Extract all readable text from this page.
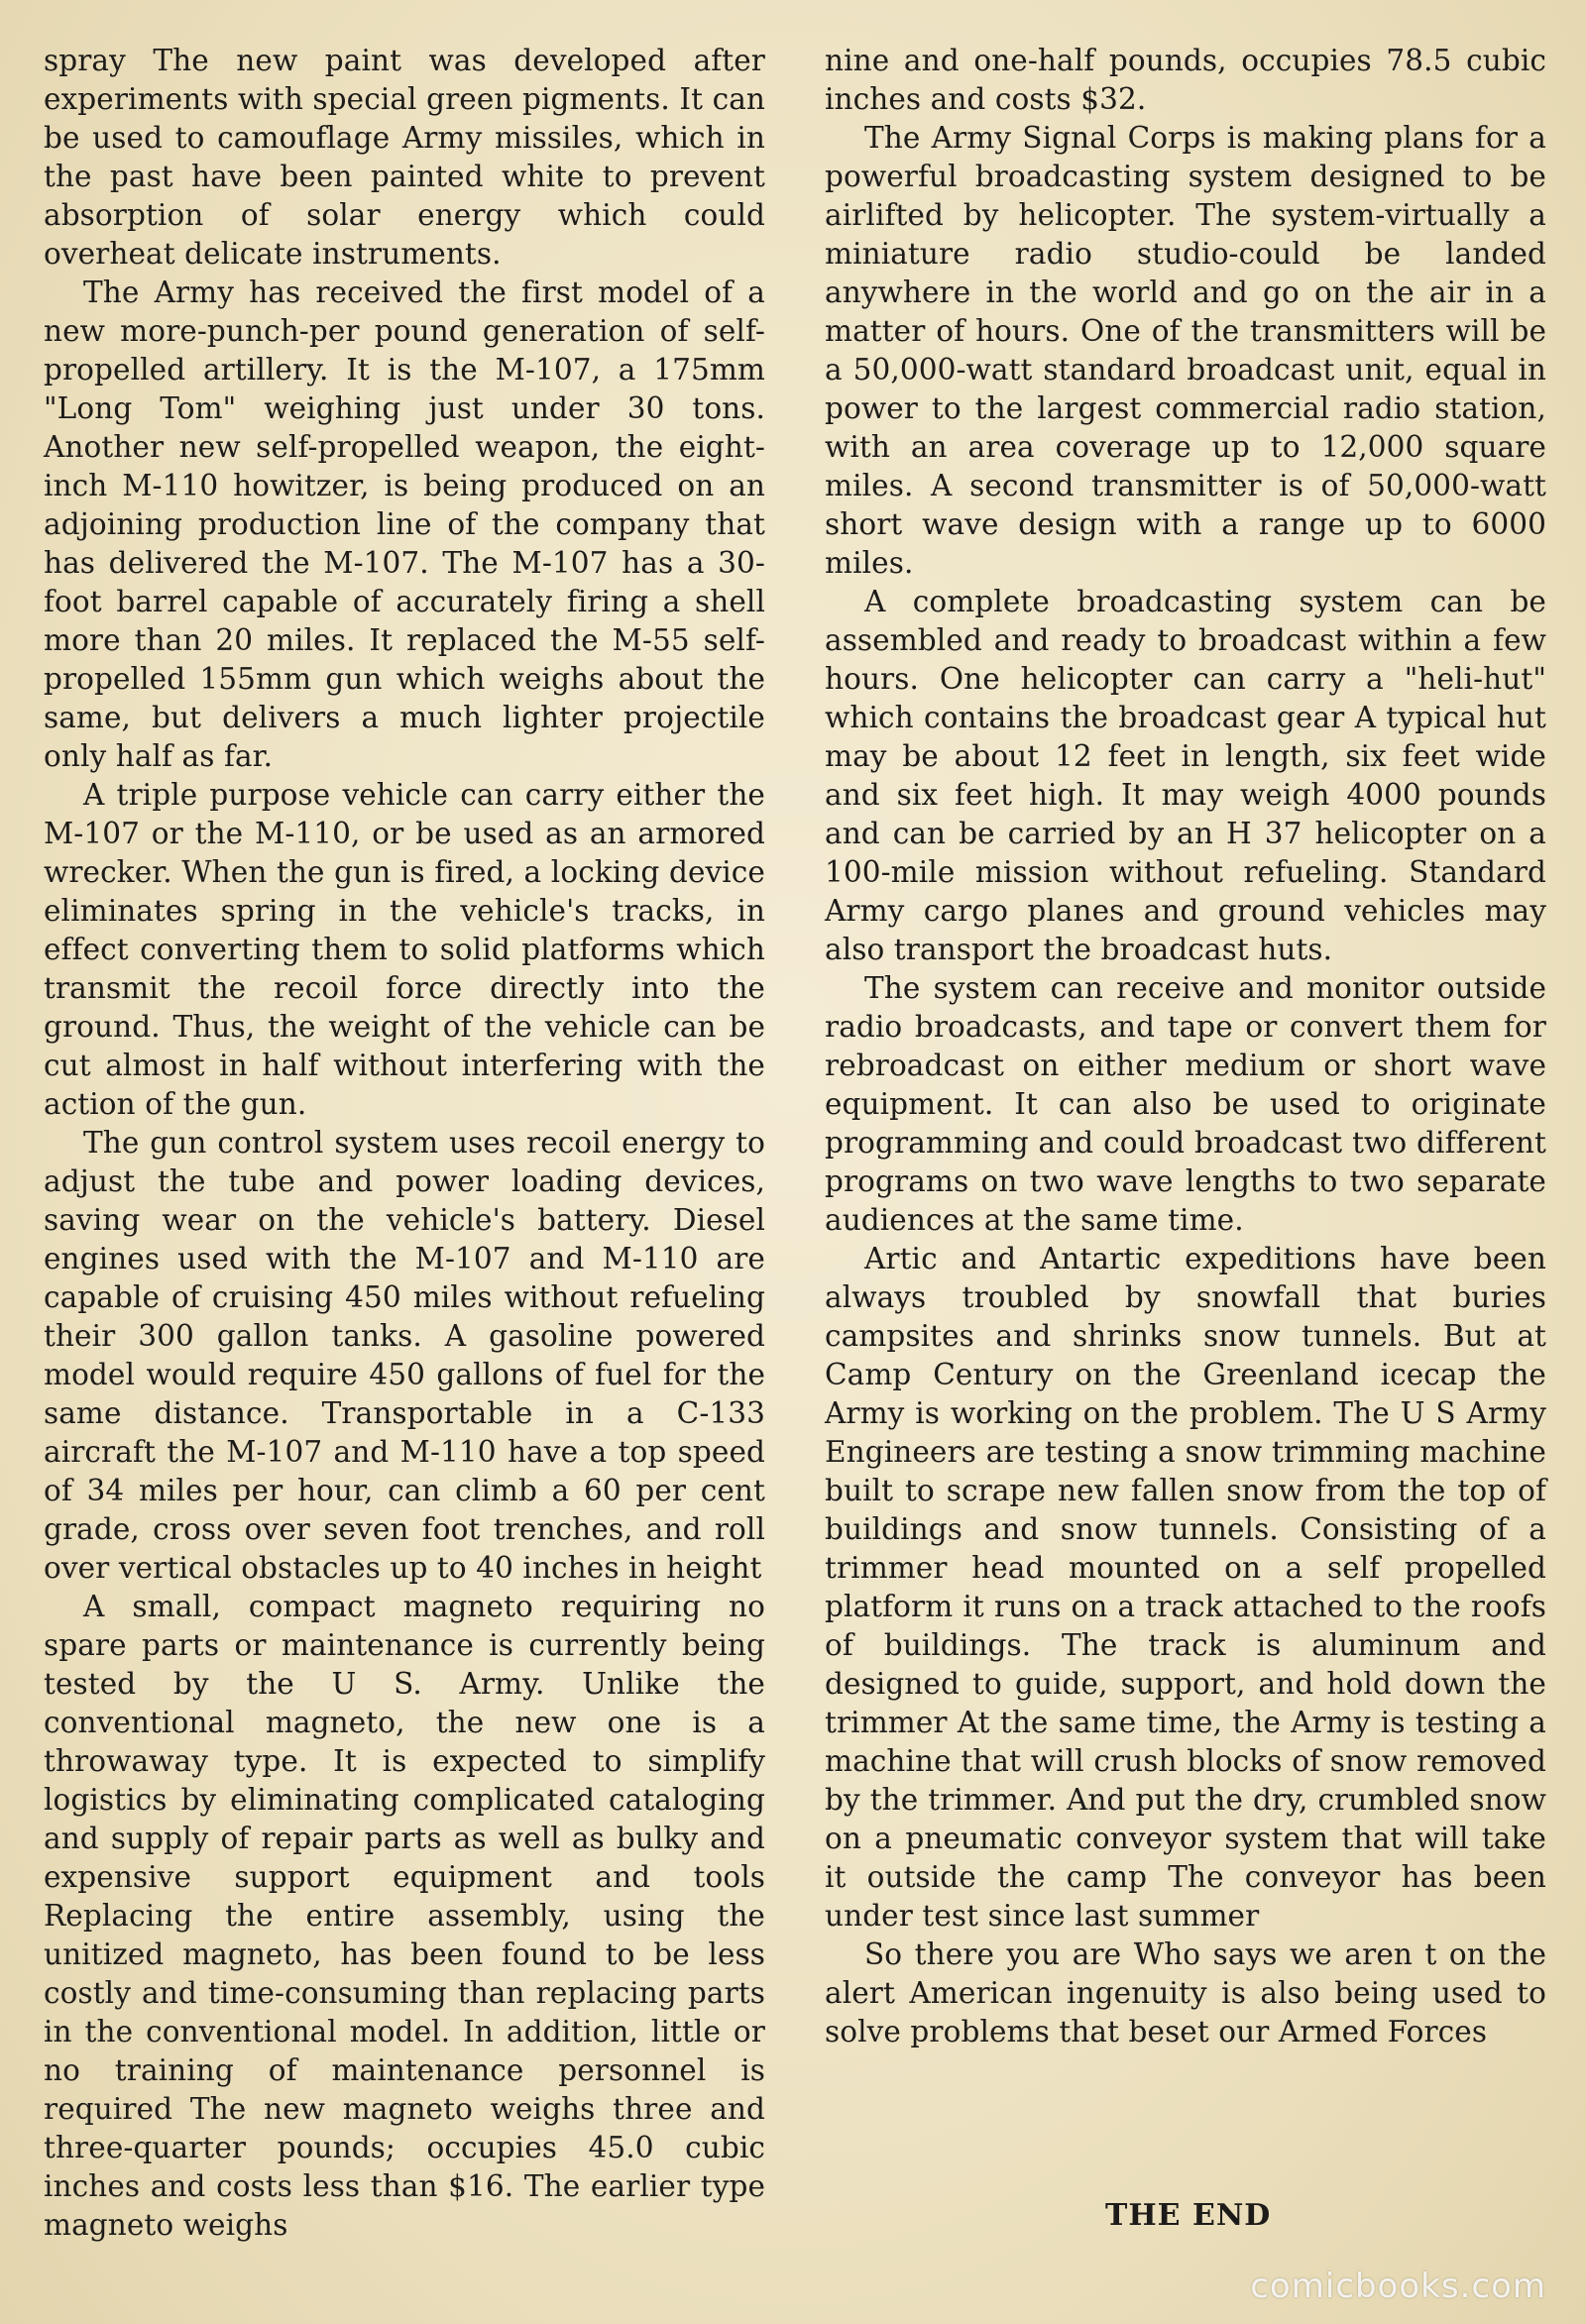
spray The new paint was developed after experiments with special green pigments. It can be used to camouflage Army missiles, which in the past have been painted white to prevent absorption of solar energy which could overheat delicate instruments.

The Army has received the first model of a new more-punch-per pound generation of self-propelled artillery. It is the M-107, a 175mm "Long Tom" weighing just under 30 tons. Another new self-propelled weapon, the eight-inch M-110 howitzer, is being produced on an adjoining production line of the company that has delivered the M-107. The M-107 has a 30-foot barrel capable of accurately firing a shell more than 20 miles. It replaced the M-55 self-propelled 155mm gun which weighs about the same, but delivers a much lighter projectile only half as far.

A triple purpose vehicle can carry either the M-107 or the M-110, or be used as an armored wrecker. When the gun is fired, a locking device eliminates spring in the vehicle's tracks, in effect converting them to solid platforms which transmit the recoil force directly into the ground. Thus, the weight of the vehicle can be cut almost in half without interfering with the action of the gun.

The gun control system uses recoil energy to adjust the tube and power loading devices, saving wear on the vehicle's battery. Diesel engines used with the M-107 and M-110 are capable of cruising 450 miles without refueling their 300 gallon tanks. A gasoline powered model would require 450 gallons of fuel for the same distance. Transportable in a C-133 aircraft the M-107 and M-110 have a top speed of 34 miles per hour, can climb a 60 per cent grade, cross over seven foot trenches, and roll over vertical obstacles up to 40 inches in height

A small, compact magneto requiring no spare parts or maintenance is currently being tested by the U S. Army. Unlike the conventional magneto, the new one is a throwaway type. It is expected to simplify logistics by eliminating complicated cataloging and supply of repair parts as well as bulky and expensive support equipment and tools Replacing the entire assembly, using the unitized magneto, has been found to be less costly and time-consuming than replacing parts in the conventional model. In addition, little or no training of maintenance personnel is required The new magneto weighs three and three-quarter pounds; occupies 45.0 cubic inches and costs less than $16. The earlier type magneto weighs

nine and one-half pounds, occupies 78.5 cubic inches and costs $32.

The Army Signal Corps is making plans for a powerful broadcasting system designed to be airlifted by helicopter. The system-virtually a miniature radio studio-could be landed anywhere in the world and go on the air in a matter of hours. One of the transmitters will be a 50,000-watt standard broadcast unit, equal in power to the largest commercial radio station, with an area coverage up to 12,000 square miles. A second transmitter is of 50,000-watt short wave design with a range up to 6000 miles.

A complete broadcasting system can be assembled and ready to broadcast within a few hours. One helicopter can carry a "heli-hut" which contains the broadcast gear A typical hut may be about 12 feet in length, six feet wide and six feet high. It may weigh 4000 pounds and can be carried by an H 37 helicopter on a 100-mile mission without refueling. Standard Army cargo planes and ground vehicles may also transport the broadcast huts.

The system can receive and monitor outside radio broadcasts, and tape or convert them for rebroadcast on either medium or short wave equipment. It can also be used to originate programming and could broadcast two different programs on two wave lengths to two separate audiences at the same time.

Artic and Antartic expeditions have been always troubled by snowfall that buries campsites and shrinks snow tunnels. But at Camp Century on the Greenland icecap the Army is working on the problem. The U S Army Engineers are testing a snow trimming machine built to scrape new fallen snow from the top of buildings and snow tunnels. Consisting of a trimmer head mounted on a self propelled platform it runs on a track attached to the roofs of buildings. The track is aluminum and designed to guide, support, and hold down the trimmer At the same time, the Army is testing a machine that will crush blocks of snow removed by the trimmer. And put the dry, crumbled snow on a pneumatic conveyor system that will take it outside the camp The conveyor has been under test since last summer

So there you are Who says we aren t on the alert American ingenuity is also being used to solve problems that beset our Armed Forces

THE END
comicbooks.com
